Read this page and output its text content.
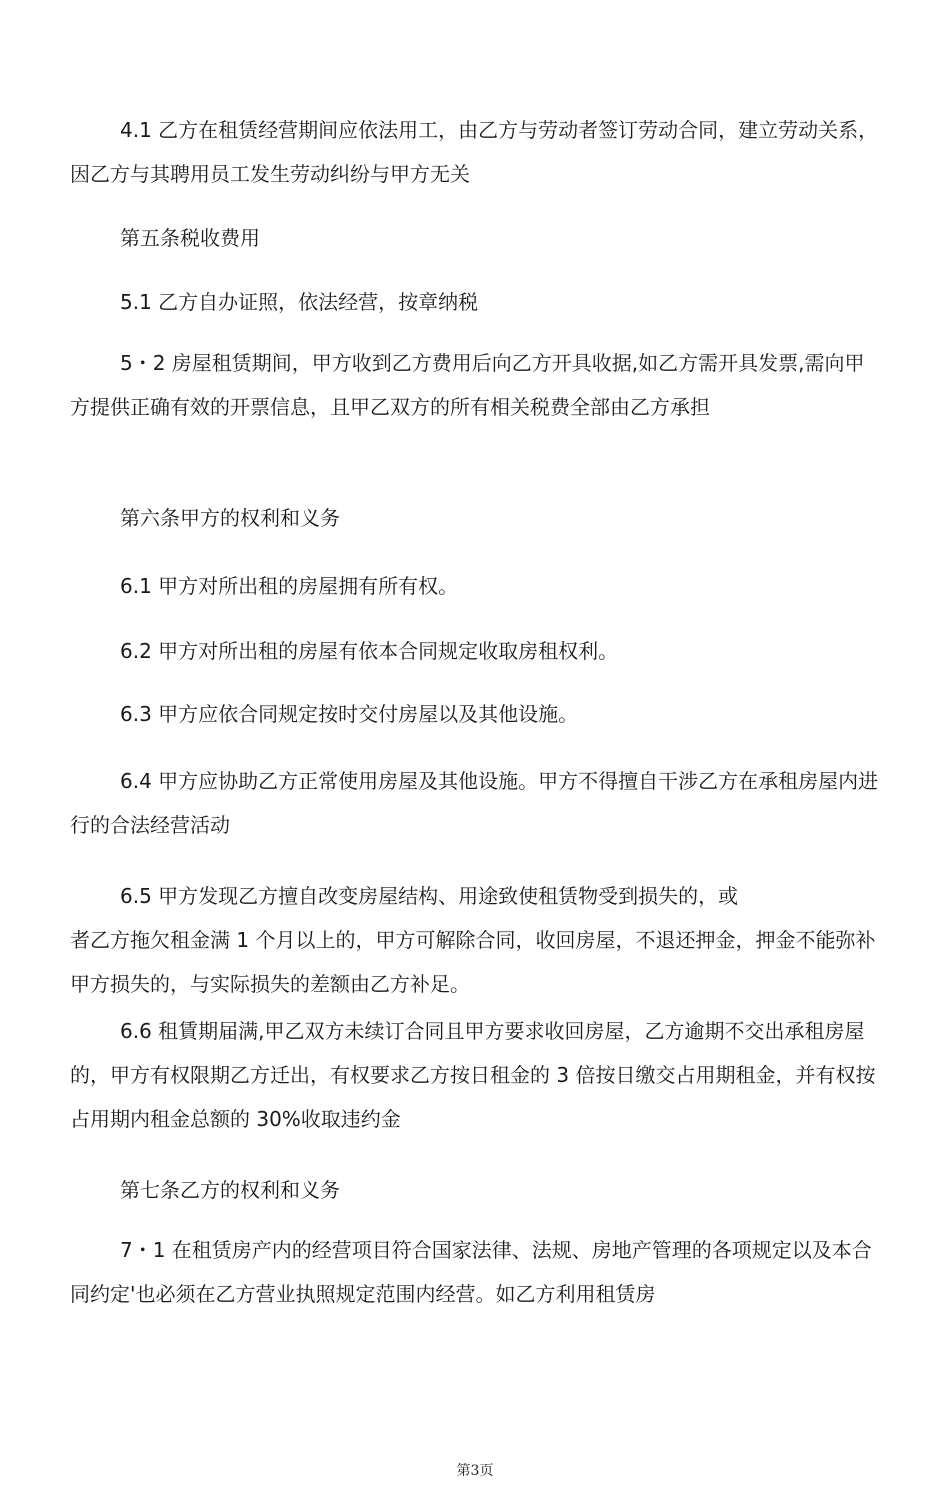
4.1 乙方在租赁经营期间应依法用工，由乙方与劳动者签订劳动合同，建立劳动关系，因乙方与其聘用员工发生劳动纠纷与甲方无关

第五条税收费用

5.1 乙方自办证照，依法经营，按章纳税

5・2 房屋租赁期间，甲方收到乙方费用后向乙方开具收据,如乙方需开具发票,需向甲方提供正确有效的开票信息，且甲乙双方的所有相关税费全部由乙方承担

第六条甲方的权利和义务

6.1 甲方对所出租的房屋拥有所有权。

6.2 甲方对所出租的房屋有依本合同规定收取房租权利。

6.3 甲方应依合同规定按时交付房屋以及其他设施。

6.4 甲方应协助乙方正常使用房屋及其他设施。甲方不得擅自干涉乙方在承租房屋内进行的合法经营活动

6.5 甲方发现乙方擅自改变房屋结构、用途致使租赁物受到损失的，或

者乙方拖欠租金满 1 个月以上的，甲方可解除合同，收回房屋，不退还押金，押金不能弥补甲方损失的，与实际损失的差额由乙方补足。

6.6 租賃期届满,甲乙双方未续订合同且甲方要求收回房屋，乙方逾期不交出承租房屋的，甲方有权限期乙方迁出，有权要求乙方按日租金的 3 倍按日缴交占用期租金，并有权按占用期内租金总额的 30%收取违约金

第七条乙方的权利和义务

7・1 在租赁房产内的经营项目符合国家法律、法规、房地产管理的各项规定以及本合同约定'也必须在乙方营业执照规定范围内经营。如乙方利用租赁房

第3页
